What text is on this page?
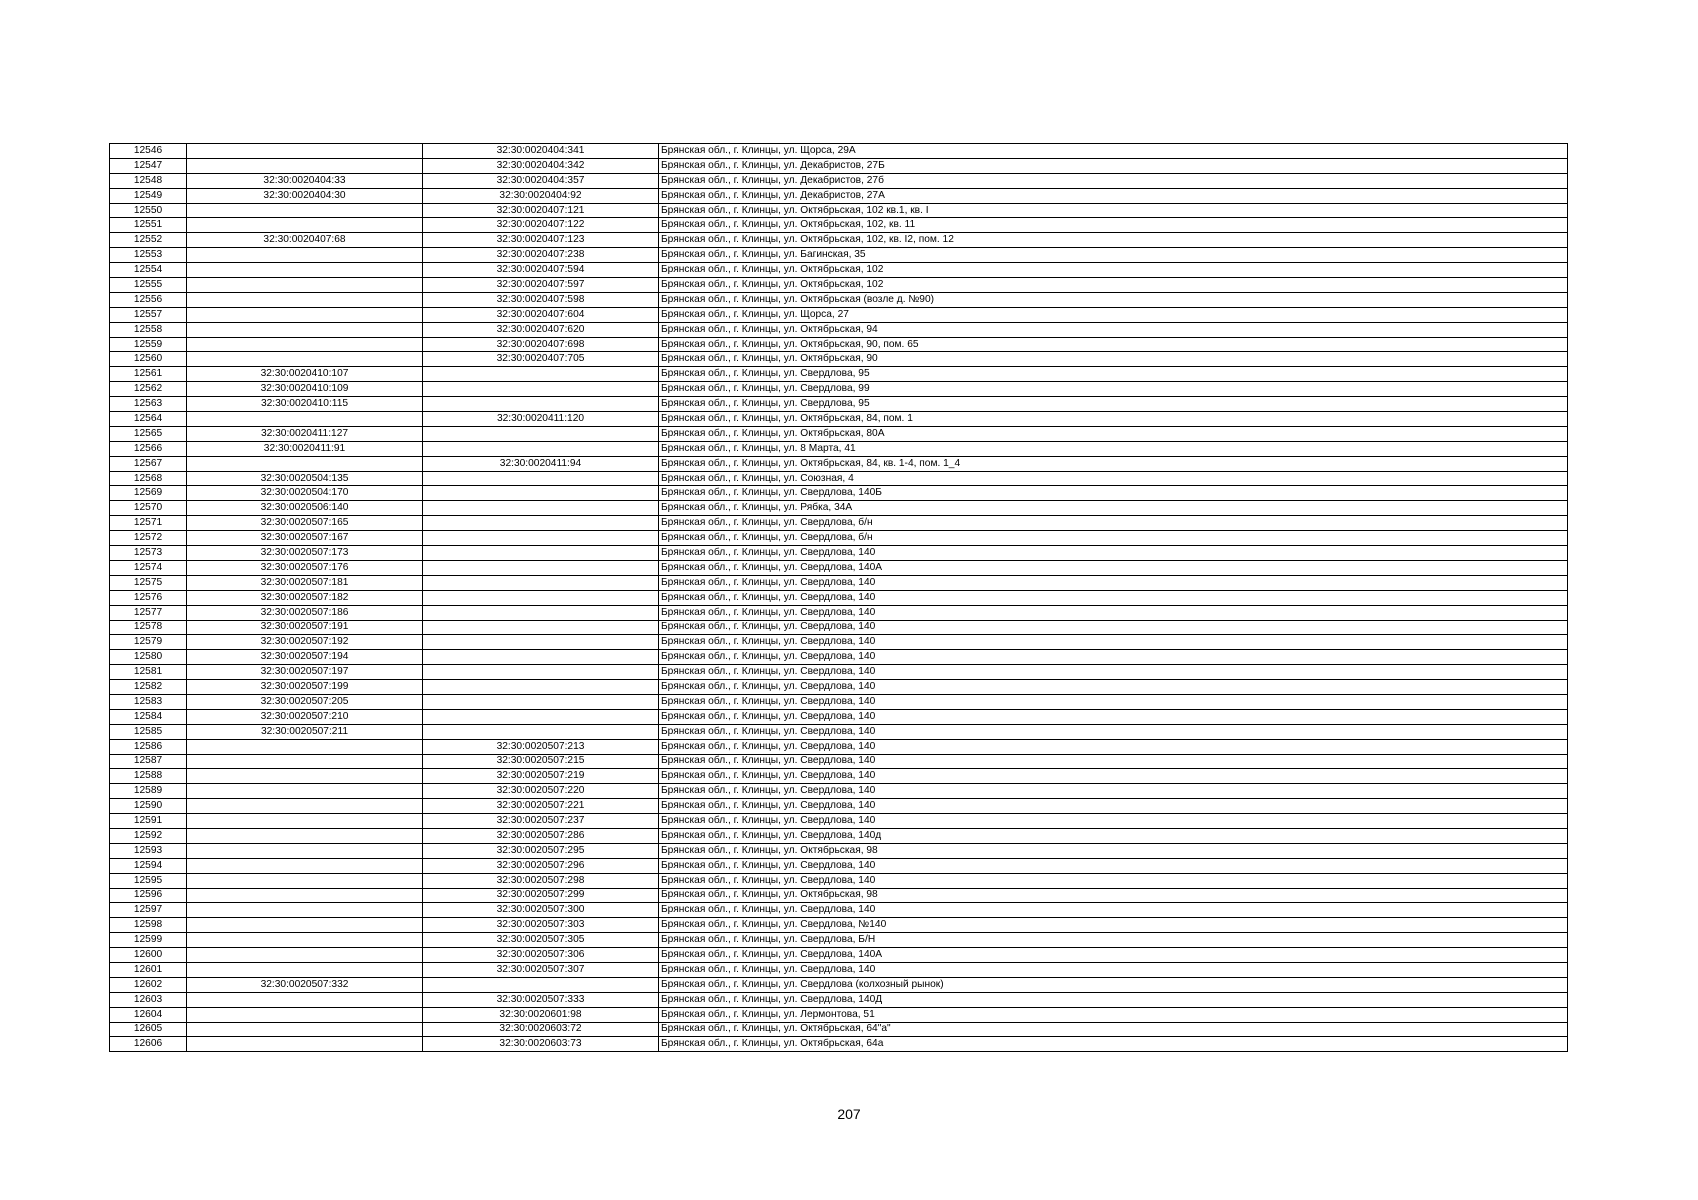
12546		32:30:0020404:341	Брянская обл., г. Клинцы, ул. Щорса, 29А
12547		32:30:0020404:342	Брянская обл., г. Клинцы, ул. Декабристов, 27Б
12548	32:30:0020404:33	32:30:0020404:357	Брянская обл., г. Клинцы, ул. Декабристов, 27б
12549	32:30:0020404:30	32:30:0020404:92	Брянская обл., г. Клинцы, ул. Декабристов, 27А
12550		32:30:0020407:121	Брянская обл., г. Клинцы, ул. Октябрьская, 102 кв.1, кв. I
12551		32:30:0020407:122	Брянская обл., г. Клинцы, ул. Октябрьская, 102, кв. 11
12552	32:30:0020407:68	32:30:0020407:123	Брянская обл., г. Клинцы, ул. Октябрьская, 102, кв. I2, пом. 12
12553		32:30:0020407:238	Брянская обл., г. Клинцы, ул. Багинская, 35
12554		32:30:0020407:594	Брянская обл., г. Клинцы, ул. Октябрьская, 102
12555		32:30:0020407:597	Брянская обл., г. Клинцы, ул. Октябрьская, 102
12556		32:30:0020407:598	Брянская обл., г. Клинцы, ул. Октябрьская (возле д. №90)
12557		32:30:0020407:604	Брянская обл., г. Клинцы, ул. Щорса, 27
12558		32:30:0020407:620	Брянская обл., г. Клинцы, ул. Октябрьская, 94
12559		32:30:0020407:698	Брянская обл., г. Клинцы, ул. Октябрьская, 90, пом. 65
12560		32:30:0020407:705	Брянская обл., г. Клинцы, ул. Октябрьская, 90
12561	32:30:0020410:107		Брянская обл., г. Клинцы, ул. Свердлова, 95
12562	32:30:0020410:109		Брянская обл., г. Клинцы, ул. Свердлова, 99
12563	32:30:0020410:115		Брянская обл., г. Клинцы, ул. Свердлова, 95
12564		32:30:0020411:120	Брянская обл., г. Клинцы, ул. Октябрьская, 84, пом. 1
12565	32:30:0020411:127		Брянская обл., г. Клинцы, ул. Октябрьская, 80А
12566	32:30:0020411:91		Брянская обл., г. Клинцы, ул. 8 Марта, 41
12567		32:30:0020411:94	Брянская обл., г. Клинцы, ул. Октябрьская, 84, кв. 1-4, пом. 1_4
12568	32:30:0020504:135		Брянская обл., г. Клинцы, ул. Союзная, 4
12569	32:30:0020504:170		Брянская обл., г. Клинцы, ул. Свердлова, 140Б
12570	32:30:0020506:140		Брянская обл., г. Клинцы, ул. Рябка, 34А
12571	32:30:0020507:165		Брянская обл., г. Клинцы, ул. Свердлова, б/н
12572	32:30:0020507:167		Брянская обл., г. Клинцы, ул. Свердлова, б/н
12573	32:30:0020507:173		Брянская обл., г. Клинцы, ул. Свердлова, 140
12574	32:30:0020507:176		Брянская обл., г. Клинцы, ул. Свердлова, 140А
12575	32:30:0020507:181		Брянская обл., г. Клинцы, ул. Свердлова, 140
12576	32:30:0020507:182		Брянская обл., г. Клинцы, ул. Свердлова, 140
12577	32:30:0020507:186		Брянская обл., г. Клинцы, ул. Свердлова, 140
12578	32:30:0020507:191		Брянская обл., г. Клинцы, ул. Свердлова, 140
12579	32:30:0020507:192		Брянская обл., г. Клинцы, ул. Свердлова, 140
12580	32:30:0020507:194		Брянская обл., г. Клинцы, ул. Свердлова, 140
12581	32:30:0020507:197		Брянская обл., г. Клинцы, ул. Свердлова, 140
12582	32:30:0020507:199		Брянская обл., г. Клинцы, ул. Свердлова, 140
12583	32:30:0020507:205		Брянская обл., г. Клинцы, ул. Свердлова, 140
12584	32:30:0020507:210		Брянская обл., г. Клинцы, ул. Свердлова, 140
12585	32:30:0020507:211		Брянская обл., г. Клинцы, ул. Свердлова, 140
12586		32:30:0020507:213	Брянская обл., г. Клинцы, ул. Свердлова, 140
12587		32:30:0020507:215	Брянская обл., г. Клинцы, ул. Свердлова, 140
12588		32:30:0020507:219	Брянская обл., г. Клинцы, ул. Свердлова, 140
12589		32:30:0020507:220	Брянская обл., г. Клинцы, ул. Свердлова, 140
12590		32:30:0020507:221	Брянская обл., г. Клинцы, ул. Свердлова, 140
12591		32:30:0020507:237	Брянская обл., г. Клинцы, ул. Свердлова, 140
12592		32:30:0020507:286	Брянская обл., г. Клинцы, ул. Свердлова, 140д
12593		32:30:0020507:295	Брянская обл., г. Клинцы, ул. Октябрьская, 98
12594		32:30:0020507:296	Брянская обл., г. Клинцы, ул. Свердлова, 140
12595		32:30:0020507:298	Брянская обл., г. Клинцы, ул. Свердлова, 140
12596		32:30:0020507:299	Брянская обл., г. Клинцы, ул. Октябрьская, 98
12597		32:30:0020507:300	Брянская обл., г. Клинцы, ул. Свердлова, 140
12598		32:30:0020507:303	Брянская обл., г. Клинцы, ул. Свердлова, №140
12599		32:30:0020507:305	Брянская обл., г. Клинцы, ул. Свердлова, Б/Н
12600		32:30:0020507:306	Брянская обл., г. Клинцы, ул. Свердлова, 140А
12601		32:30:0020507:307	Брянская обл., г. Клинцы, ул. Свердлова, 140
12602	32:30:0020507:332		Брянская обл., г. Клинцы, ул. Свердлова (колхозный рынок)
12603		32:30:0020507:333	Брянская обл., г. Клинцы, ул. Свердлова, 140Д
12604		32:30:0020601:98	Брянская обл., г. Клинцы, ул. Лермонтова, 51
12605		32:30:0020603:72	Брянская обл., г. Клинцы, ул. Октябрьская, 64"а"
12606		32:30:0020603:73	Брянская обл., г. Клинцы, ул. Октябрьская, 64а
207
